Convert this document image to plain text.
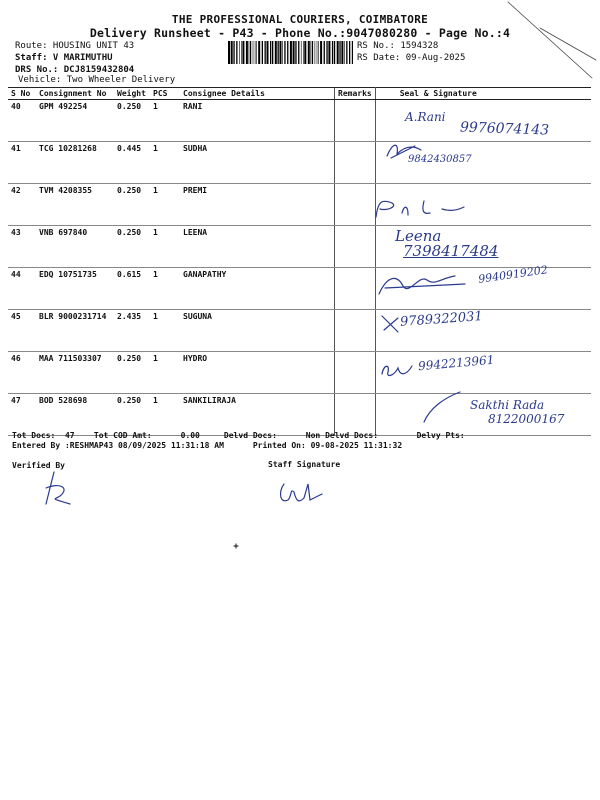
THE PROFESSIONAL COURIERS, COIMBATORE
Delivery Runsheet - P43 - Phone No.:9047080280 - Page No.:4
Route: HOUSING UNIT 43
Staff: V MARIMUTHU
DRS No.: DCJ8159432804
Vehicle: Two Wheeler Delivery
RS No.: 1594328
RS Date: 09-Aug-2025
S No	Consignment No	Weight	PCS	Consignee Details	Remarks	Seal & Signature
40	GPM 492254	0.250	1	RANI		
41	TCG 10281268	0.445	1	SUDHA		
42	TVM 4208355	0.250	1	PREMI		
43	VNB 697840	0.250	1	LEENA		
44	EDQ 10751735	0.615	1	GANAPATHY		
45	BLR 9000231714	2.435	1	SUGUNA		
46	MAA 711503307	0.250	1	HYDRO		
47	BOD 528698	0.250	1	SANKILIRAJA		
A.Rani
9976074143
9842430857
Leena
7398417484
9940919202
9789322031
9942213961
Sakthi Rada
8122000167
Tot Docs:  47    Tot COD Amt:      0.00     Delvd Docs:      Non Delvd Docs:        Delvy Pts:
Entered By :RESHMAP43 08/09/2025 11:31:18 AM      Printed On: 09-08-2025 11:31:32
Verified By	Staff Signature
